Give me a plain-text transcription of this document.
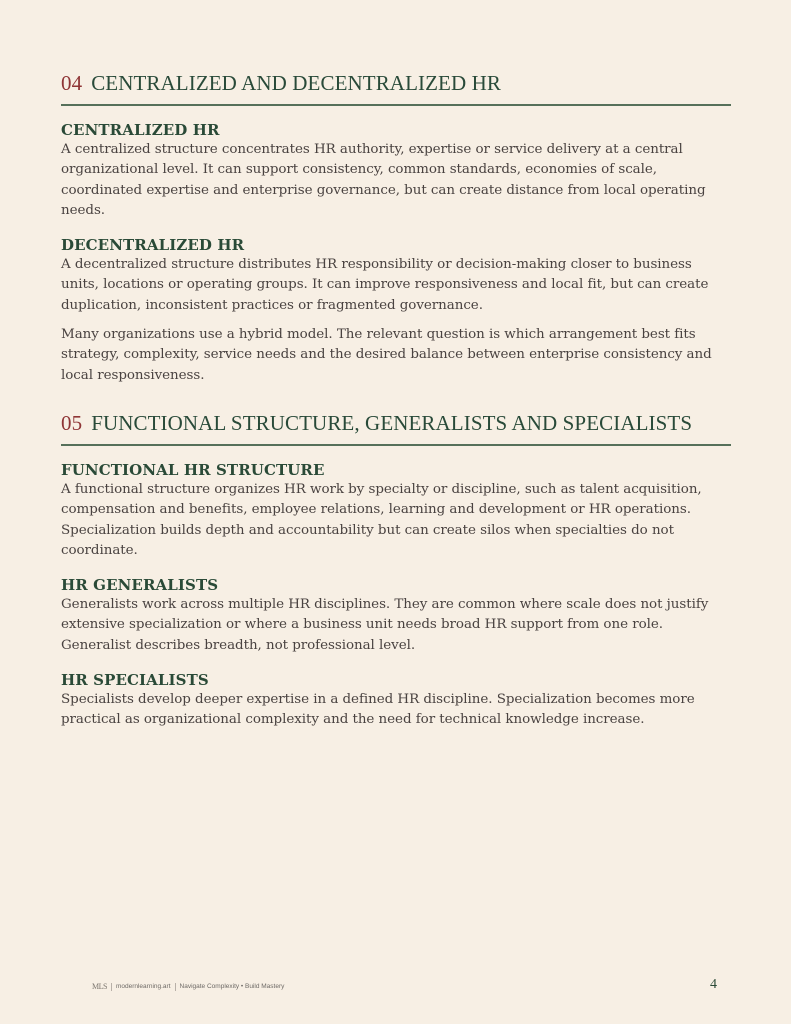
04 CENTRALIZED AND DECENTRALIZED HR
CENTRALIZED HR

A centralized structure concentrates HR authority, expertise or service delivery at a central organizational level. It can support consistency, common standards, economies of scale, coordinated expertise and enterprise governance, but can create distance from local operating needs.

DECENTRALIZED HR

A decentralized structure distributes HR responsibility or decision-making closer to business units, locations or operating groups. It can improve responsiveness and local fit, but can create duplication, inconsistent practices or fragmented governance.

Many organizations use a hybrid model. The relevant question is which arrangement best fits strategy, complexity, service needs and the desired balance between enterprise consistency and local responsiveness.

05 FUNCTIONAL STRUCTURE, GENERALISTS AND SPECIALISTS
FUNCTIONAL HR STRUCTURE

A functional structure organizes HR work by specialty or discipline, such as talent acquisition, compensation and benefits, employee relations, learning and development or HR operations. Specialization builds depth and accountability but can create silos when specialties do not coordinate.

HR GENERALISTS

Generalists work across multiple HR disciplines. They are common where scale does not justify extensive specialization or where a business unit needs broad HR support from one role. Generalist describes breadth, not professional level.

HR SPECIALISTS

Specialists develop deeper expertise in a defined HR discipline. Specialization becomes more practical as organizational complexity and the need for technical knowledge increase.

MLS modernlearning.art Navigate Complexity • Build Mastery	4
